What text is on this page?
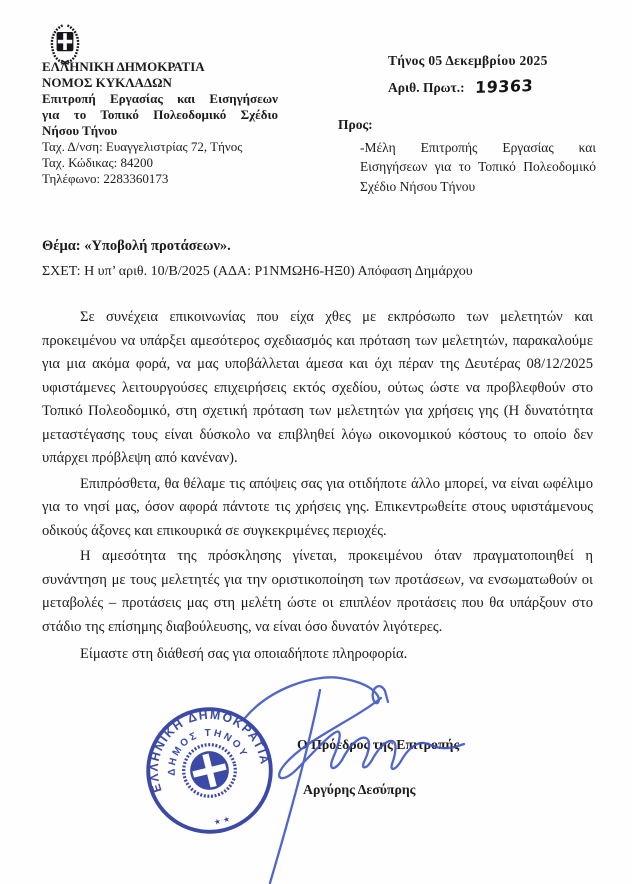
ΕΛΛΗΝΙΚΗ ΔΗΜΟΚΡΑΤΙΑ
ΝΟΜΟΣ ΚΥΚΛΑΔΩΝ
Επιτροπή Εργασίας και Εισηγήσεων
για το Τοπικό Πολεοδομικό Σχέδιο
Νήσου Τήνου
Ταχ. Δ/νση: Ευαγγελιστρίας 72, Τήνος
Ταχ. Κώδικας: 84200
Τηλέφωνο: 2283360173
Τήνος 05 Δεκεμβρίου 2025
Αριθ. Πρωτ.: 19363
Προς:
-Μέλη Επιτροπής Εργασίας και Εισηγήσεων για το Τοπικό Πολεοδομικό Σχέδιο Νήσου Τήνου
Θέμα: «Υποβολή προτάσεων».
ΣΧΕΤ: Η υπ’ αριθ. 10/Β/2025 (ΑΔΑ: Ρ1ΝΜΩΗ6-ΗΞ0) Απόφαση Δημάρχου

Σε συνέχεια επικοινωνίας που είχα χθες με εκπρόσωπο των μελετητών και προκειμένου να υπάρξει αμεσότερος σχεδιασμός και πρόταση των μελετητών, παρακαλούμε για μια ακόμα φορά, να μας υποβάλλεται άμεσα και όχι πέραν της Δευτέρας 08/12/2025 υφιστάμενες λειτουργούσες επιχειρήσεις εκτός σχεδίου, ούτως ώστε να προβλεφθούν στο Τοπικό Πολεοδομικό, στη σχετική πρόταση των μελετητών για χρήσεις γης (Η δυνατότητα μεταστέγασης τους είναι δύσκολο να επιβληθεί λόγω οικονομικού κόστους το οποίο δεν υπάρχει πρόβλεψη από κανέναν).

Επιπρόσθετα, θα θέλαμε τις απόψεις σας για οτιδήποτε άλλο μπορεί, να είναι ωφέλιμο για το νησί μας, όσον αφορά πάντοτε τις χρήσεις γης. Επικεντρωθείτε στους υφιστάμενους οδικούς άξονες και επικουρικά σε συγκεκριμένες περιοχές.

Η αμεσότητα της πρόσκλησης γίνεται, προκειμένου όταν πραγματοποιηθεί η συνάντηση με τους μελετητές για την οριστικοποίηση των προτάσεων, να ενσωματωθούν οι μεταβολές – προτάσεις μας στη μελέτη ώστε οι επιπλέον προτάσεις που θα υπάρξουν στο στάδιο της επίσημης διαβούλευσης, να είναι όσο δυνατόν λιγότερες.

Είμαστε στη διάθεσή σας για οποιαδήποτε πληροφορία.

Ο Πρόεδρος της Επιτροπής
Αργύρης Δεσύπρης
ΕΛΛΗΝΙΚΗ ΔΗΜΟΚΡΑΤΙΑ
ΔΗΜΟΣ ΤΗΝΟΥ
★ ★
